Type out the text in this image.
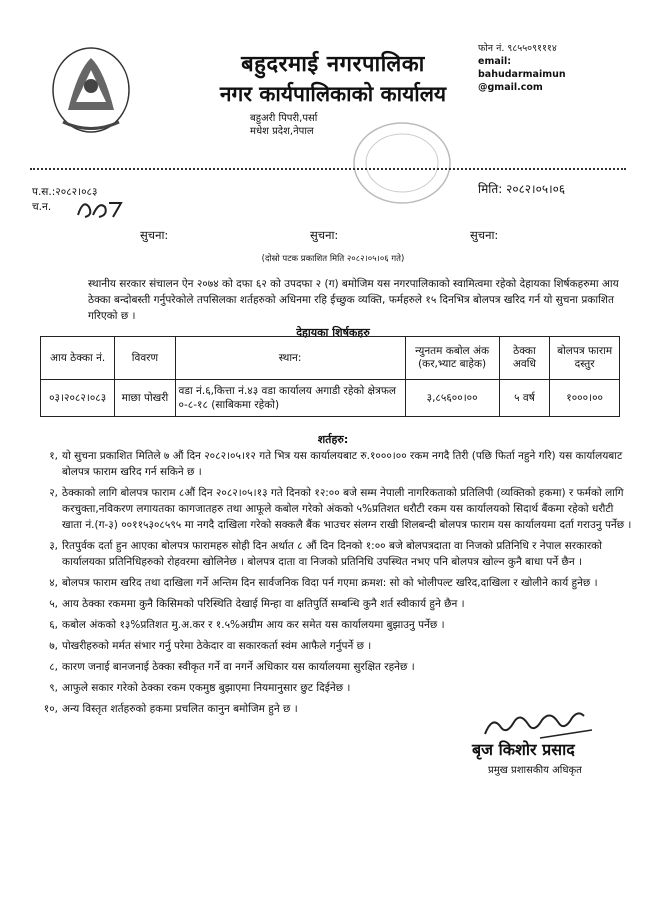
बहुदरमाई नगरपालिका
नगर कार्यपालिकाको कार्यालय
बहुअरी पिपरी,पर्सा
मधेश प्रदेश,नेपाल
फोन नं. ९८५५०९१११४
email:
bahudarmaimun
@gmail.com
प.स.:२०८२।०८३
च.न.
मिति: २०८२।०५।०६
सुचना:	सुचना:	सुचना:
(दोस्रो पटक प्रकाशित मिति २०८२।०५।०६ गते)
स्थानीय सरकार संचालन ऐन २०७४ को दफा ६२ को उपदफा २ (ग) बमोजिम यस नगरपालिकाको स्वामित्वमा रहेको देहायका शिर्षकहरुमा आय ठेक्का बन्दोबस्ती गर्नुपरेकोले तपसिलका शर्तहरुको अधिनमा रहि ईच्छुक व्यक्ति, फर्महरुले १५ दिनभित्र बोलपत्र खरिद गर्न यो सुचना प्रकाशित गरिएको छ ।
देहायका शिर्षकहरु
आय ठेक्का नं.	विवरण	स्थान:	न्युनतम कबोल अंक (कर,भ्याट बाहेक)	ठेक्का अवधि	बोलपत्र फाराम दस्तुर
०३।२०८२।०८३	माछा पोखरी	वडा नं.६,कित्ता नं.४३ वडा कार्यालय अगाडी रहेको क्षेत्रफल ०-८-१८ (साबिकमा रहेको)	३,८५६००।००	५ वर्ष	१०००।००
शर्तहरु:
१, यो सुचना प्रकाशित मितिले ७ औं दिन २०८२।०५।१२ गते भित्र यस कार्यालयबाट रु.१०००।०० रकम नगदै तिरी (पछि फिर्ता नहुने गरि) यस कार्यालयबाट बोलपत्र फाराम खरिद गर्न सकिने छ ।
२, ठेक्काको लागि बोलपत्र फाराम ८औं दिन २०८२।०५।१३ गते दिनको १२:०० बजे सम्म नेपाली नागरिकताको प्रतिलिपी (व्यक्तिको हकमा) र फर्मको लागि करचुक्ता,नविकरण लगायतका कागजातहरु तथा आफूले कबोल गरेको अंकको ५%प्रतिशत धरौटी रकम यस कार्यालयको सिदार्थ बैंकमा रहेको धरौटी खाता नं.(ग-३) ००११५३०८५९५ मा नगदै दाखिला गरेको सक्कलै बैंक भाउचर संलग्न राखी शिलबन्दी बोलपत्र फाराम यस कार्यालयमा दर्ता गराउनु पर्नेछ ।
३, रितपुर्वक दर्ता हुन आएका बोलपत्र फारामहरु सोही दिन अर्थात ८ औं दिन दिनको १:०० बजे बोलपत्रदाता वा निजको प्रतिनिधि र नेपाल सरकारको कार्यालयका प्रतिनिधिहरुको रोहवरमा खोलिनेछ । बोलपत्र दाता वा निजको प्रतिनिधि उपस्थित नभए पनि बोलपत्र खोल्न कुनै बाधा पर्ने छैन ।
४, बोलपत्र फाराम खरिद तथा दाखिला गर्ने अन्तिम दिन सार्वजनिक विदा पर्न गएमा क्रमश: सो को भोलीपल्ट खरिद,दाखिला र खोलीने कार्य हुनेछ ।
५, आय ठेक्का रकममा कुनै किसिमको परिस्थिति देखाई मिन्हा वा क्षतिपुर्ति सम्बन्धि कुनै शर्त स्वीकार्य हुने छैन ।
६, कबोल अंकको १३%प्रतिशत मु.अ.कर र १.५%अग्रीम आय कर समेत यस कार्यालयमा बुझाउनु पर्नेछ ।
७, पोखरीहरुको मर्मत संभार गर्नु परेमा ठेकेदार वा सकारकर्ता स्वंम आफैले गर्नुपर्ने छ ।
८, कारण जनाई बानजनाई ठेक्का स्वीकृत गर्ने वा नगर्ने अधिकार यस कार्यालयमा सुरक्षित रहनेछ ।
९, आफुले सकार गरेको ठेक्का रकम एकमुष्ठ बुझाएमा नियमानुसार छुट दिईनेछ ।
१०, अन्य विस्तृत शर्तहरुको हकमा प्रचलित कानुन बमोजिम हुने छ ।
बृज किशोर प्रसाद
प्रमुख प्रशासकीय अधिकृत
